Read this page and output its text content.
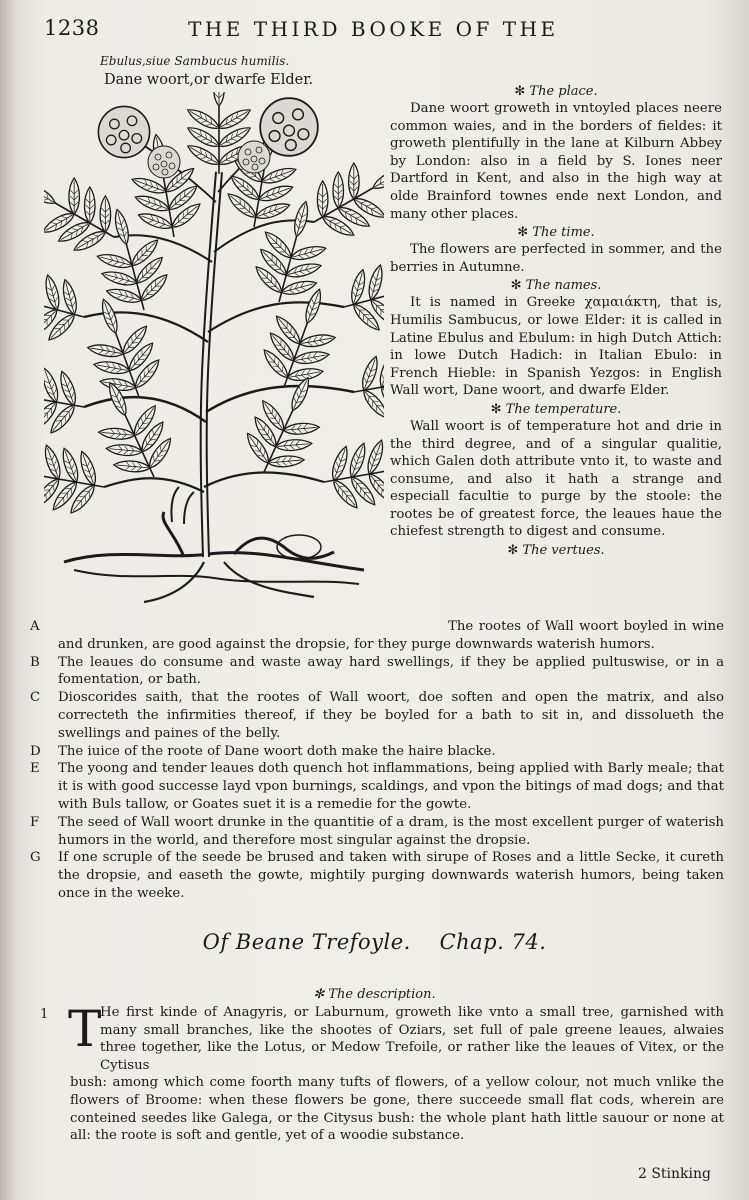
1238	THE THIRD BOOKE OF THE
Ebulus,siue Sambucus humilis.
Dane woort,or dwarfe Elder.
✻ The place.

Dane woort groweth in vntoyled places neere common waies, and in the borders of fieldes: it groweth plentifully in the lane at Kilburn Abbey by London: also in a field by S. Iones neer Dartford in Kent, and also in the high way at olde Brainford townes ende next London, and many other places.

✻ The time.

The flowers are perfected in sommer, and the berries in Autumne.

✻ The names.

It is named in Greeke χαμαιάκτη, that is, Humilis Sambucus, or lowe Elder: it is called in Latine Ebulus and Ebulum: in high Dutch Attich: in lowe Dutch Hadich: in Italian Ebulo: in French Hieble: in Spanish Yezgos: in English Wall wort, Dane woort, and dwarfe Elder.

✻ The temperature.

Wall woort is of temperature hot and drie in the third degree, and of a singular qualitie, which Galen doth attribute vnto it, to waste and consume, and also it hath a strange and especiall facultie to purge by the stoole: the rootes be of greatest force, the leaues haue the chiefest strength to digest and consume.

✻ The vertues.

A	The rootes of Wall woort boyled in wine and drunken, are good against the dropsie, for they purge downwards waterish humors.

B The leaues do consume and waste away hard swellings, if they be applied pultuswise, or in a fomentation, or bath.

C Dioscorides saith, that the rootes of Wall woort, doe soften and open the matrix, and also correcteth the infirmities thereof, if they be boyled for a bath to sit in, and dissolueth the swellings and paines of the belly.

D The iuice of the roote of Dane woort doth make the haire blacke.

E The yoong and tender leaues doth quench hot inflammations, being applied with Barly meale; that it is with good successe layd vpon burnings, scaldings, and vpon the bitings of mad dogs; and that with Buls tallow, or Goates suet it is a remedie for the gowte.

F The seed of Wall woort drunke in the quantitie of a dram, is the most excellent purger of waterish humors in the world, and therefore most singular against the dropsie.

G If one scruple of the seede be brused and taken with sirupe of Roses and a little Secke, it cureth the dropsie, and easeth the gowte, mightily purging downwards waterish humors, being taken once in the weeke.

Of Beane Trefoyle. Chap. 74.
✻ The description.
1 T

He first kinde of Anagyris, or Laburnum, groweth like vnto a small tree, garnished with many small branches, like the shootes of Oziars, set full of pale greene leaues, alwaies three together, like the Lotus, or Medow Trefoile, or rather like the leaues of Vitex, or the Cytisus
bush: among which come foorth many tufts of flowers, of a yellow colour, not much vnlike the flowers of Broome: when these flowers be gone, there succeede small flat cods, wherein are conteined seedes like Galega, or the Citysus bush: the whole plant hath little sauour or none at all: the roote is soft and gentle, yet of a woodie substance.

2 Stinking
